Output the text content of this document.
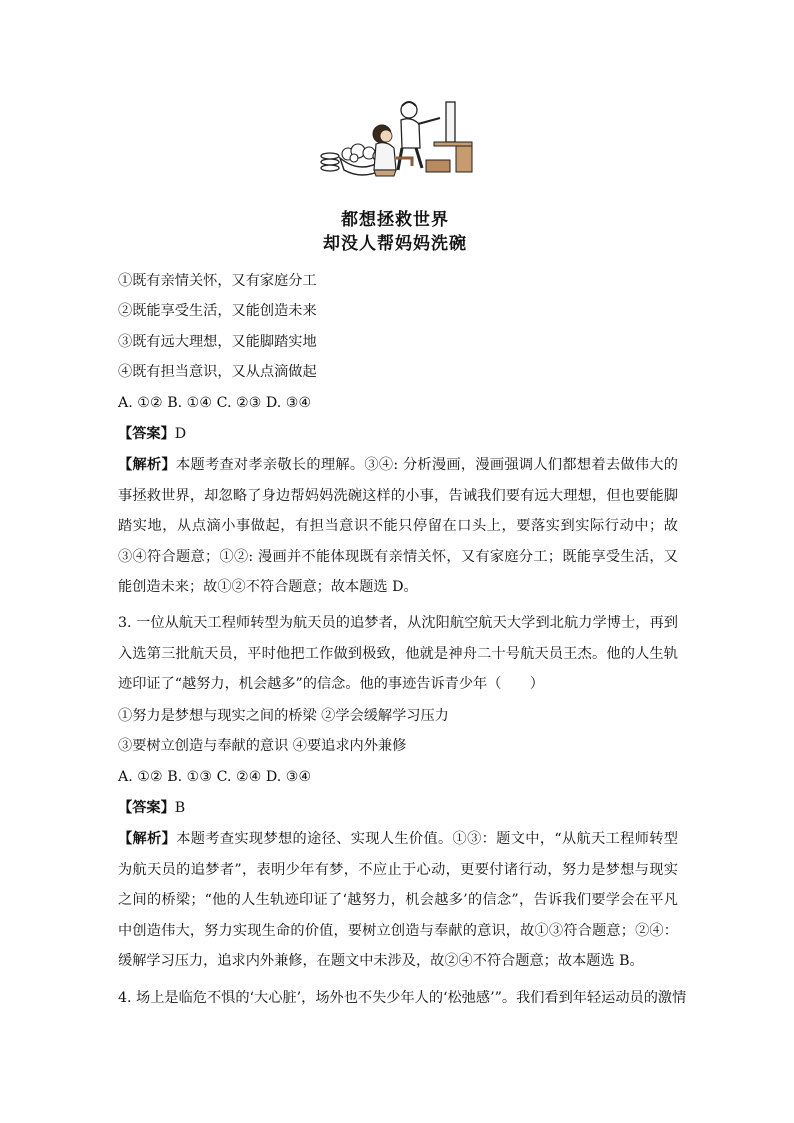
都想拯救世界
却没人帮妈妈洗碗
①既有亲情关怀，又有家庭分工
②既能享受生活，又能创造未来
③既有远大理想，又能脚踏实地
④既有担当意识，又从点滴做起
A. ①② B. ①④ C. ②③ D. ③④
【答案】D
【解析】本题考查对孝亲敬长的理解。③④: 分析漫画，漫画强调人们都想着去做伟大的事拯救世界，却忽略了身边帮妈妈洗碗这样的小事，告诫我们要有远大理想，但也要能脚踏实地，从点滴小事做起，有担当意识不能只停留在口头上，要落实到实际行动中；故③④符合题意；①②: 漫画并不能体现既有亲情关怀，又有家庭分工；既能享受生活，又能创造未来；故①②不符合题意；故本题选 D。
3. 一位从航天工程师转型为航天员的追梦者，从沈阳航空航天大学到北航力学博士，再到入选第三批航天员，平时他把工作做到极致，他就是神舟二十号航天员王杰。他的人生轨迹印证了“越努力，机会越多”的信念。他的事迹告诉青少年（　　）
①努力是梦想与现实之间的桥梁 ②学会缓解学习压力
③要树立创造与奉献的意识 ④要追求内外兼修
A. ①② B. ①③ C. ②④ D. ③④
【答案】B
【解析】本题考查实现梦想的途径、实现人生价值。①③：题文中，“从航天工程师转型为航天员的追梦者”，表明少年有梦，不应止于心动，更要付诸行动，努力是梦想与现实之间的桥梁；“他的人生轨迹印证了‘越努力，机会越多’的信念”，告诉我们要学会在平凡中创造伟大，努力实现生命的价值，要树立创造与奉献的意识，故①③符合题意；②④：缓解学习压力，追求内外兼修，在题文中未涉及，故②④不符合题意；故本题选 B。
4. 场上是临危不惧的‘大心脏’，场外也不失少年人的‘松弛感’”。我们看到年轻运动员的激情
